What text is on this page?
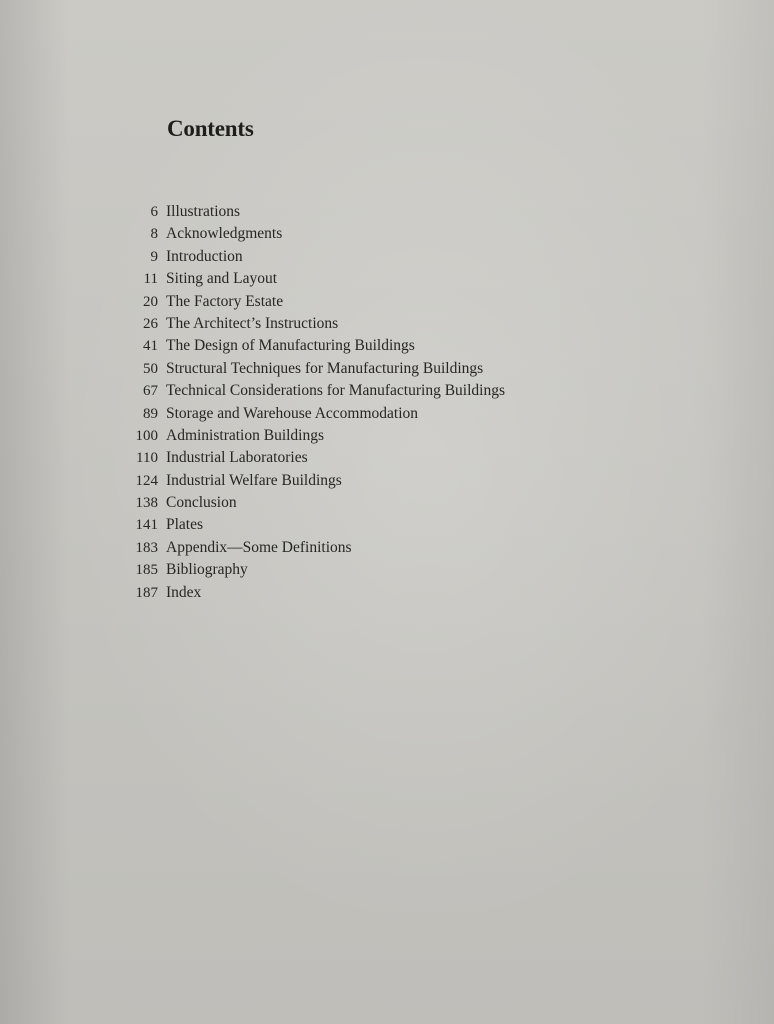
Contents
6 Illustrations
8 Acknowledgments
9 Introduction
11 Siting and Layout
20 The Factory Estate
26 The Architect’s Instructions
41 The Design of Manufacturing Buildings
50 Structural Techniques for Manufacturing Buildings
67 Technical Considerations for Manufacturing Buildings
89 Storage and Warehouse Accommodation
100 Administration Buildings
110 Industrial Laboratories
124 Industrial Welfare Buildings
138 Conclusion
141 Plates
183 Appendix—Some Definitions
185 Bibliography
187 Index
